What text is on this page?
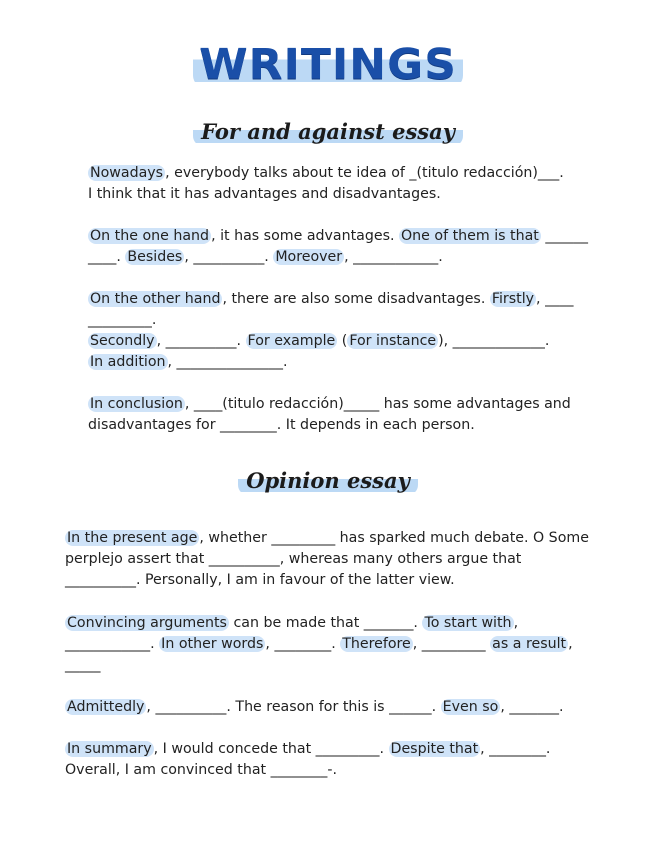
WRITINGS
For and against essay

Nowadays , everybody talks about te idea of _(titulo redacción)___.
I think that it has advantages and disadvantages.

On the one hand , it has some advantages. One of them is that ______
____. Besides , __________. Moreover , ____________.

On the other hand , there are also some disadvantages. Firstly , ____
_________.
Secondly , __________. For example ( For instance ), _____________.
In addition , _______________.

In conclusion , ____(titulo redacción)_____ has some advantages and
disadvantages for ________. It depends in each person.

Opinion essay

In the present age , whether _________ has sparked much debate. O Some
perplejo assert that __________, whereas many others argue that
__________. Personally, I am in favour of the latter view.

Convincing arguments can be made that _______. To start with ,
____________. In other words , ________. Therefore , _________ as a result ,
_____

Admittedly , __________. The reason for this is ______. Even so , _______.

In summary , I would concede that _________. Despite that , ________.
Overall, I am convinced that ________-.
